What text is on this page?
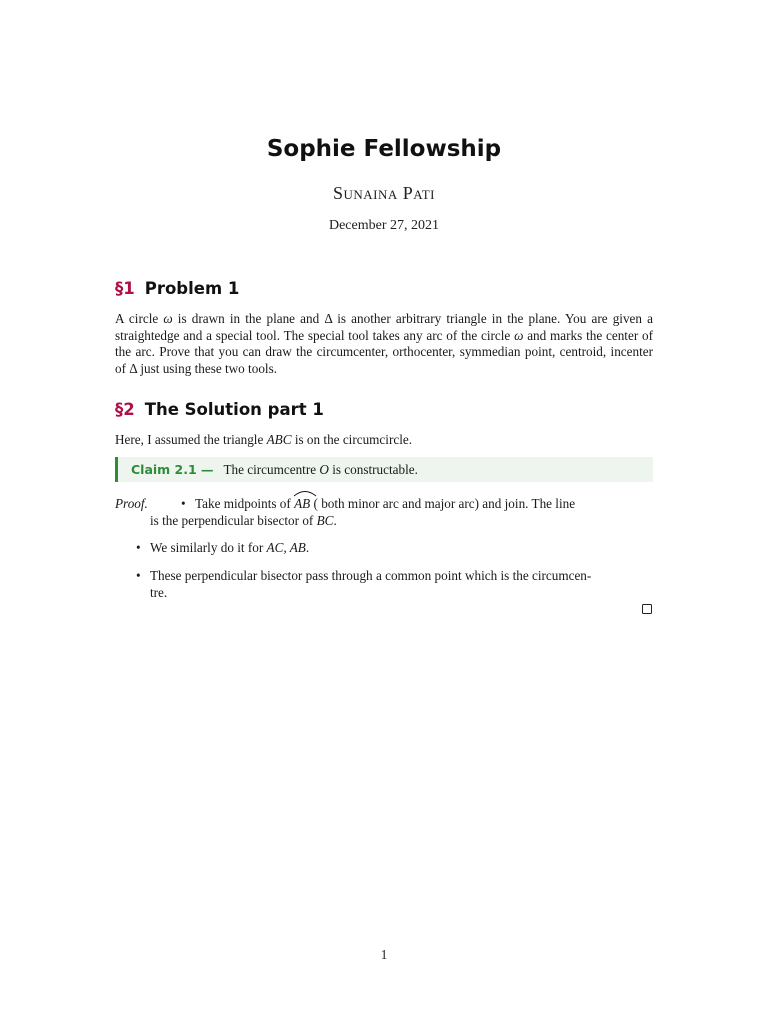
Sophie Fellowship
Sunaina Pati
December 27, 2021
§1 Problem 1
A circle ω is drawn in the plane and Δ is another arbitrary triangle in the plane. You are given a straightedge and a special tool. The special tool takes any arc of the circle ω and marks the center of the arc. Prove that you can draw the circumcenter, orthocenter, symmedian point, centroid, incenter of Δ just using these two tools.
§2 The Solution part 1
Here, I assumed the triangle ABC is on the circumcircle.
Claim 2.1 — The circumcentre O is constructable.
Proof.	• Take midpoints of
AB ( both minor arc and major arc) and join. The line
is the perpendicular bisector of BC.
• We similarly do it for AC, AB.
• These perpendicular bisector pass through a common point which is the circumcen-
tre.
1
